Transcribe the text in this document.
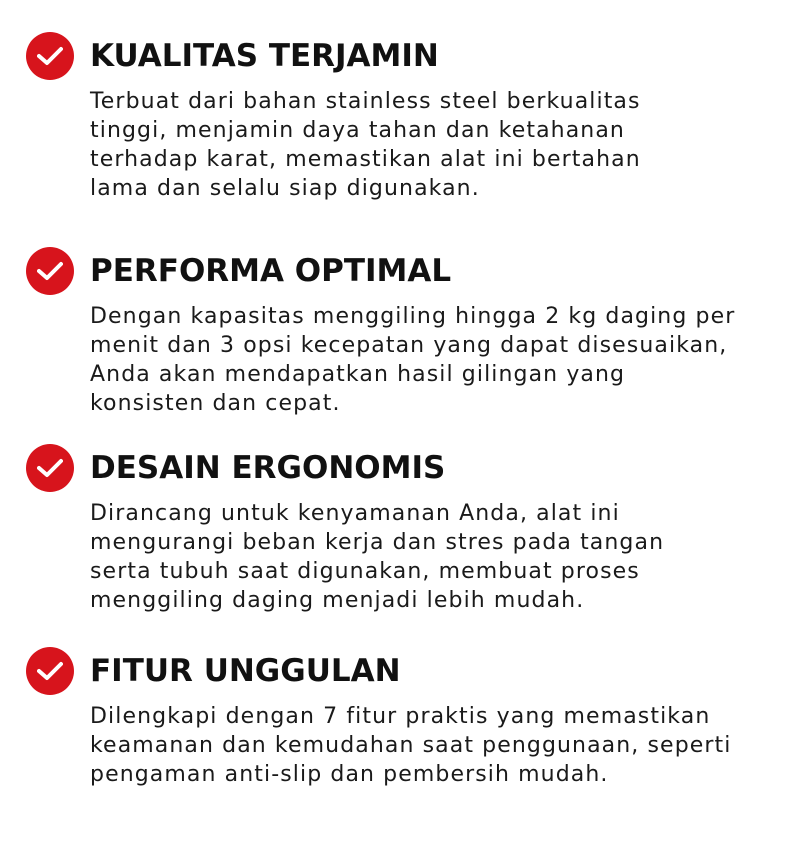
KUALITAS TERJAMIN
Terbuat dari bahan stainless steel berkualitas
tinggi, menjamin daya tahan dan ketahanan
terhadap karat, memastikan alat ini bertahan
lama dan selalu siap digunakan.
PERFORMA OPTIMAL
Dengan kapasitas menggiling hingga 2 kg daging per
menit dan 3 opsi kecepatan yang dapat disesuaikan,
Anda akan mendapatkan hasil gilingan yang
konsisten dan cepat.
DESAIN ERGONOMIS
Dirancang untuk kenyamanan Anda, alat ini
mengurangi beban kerja dan stres pada tangan
serta tubuh saat digunakan, membuat proses
menggiling daging menjadi lebih mudah.
FITUR UNGGULAN
Dilengkapi dengan 7 fitur praktis yang memastikan
keamanan dan kemudahan saat penggunaan, seperti
pengaman anti-slip dan pembersih mudah.
